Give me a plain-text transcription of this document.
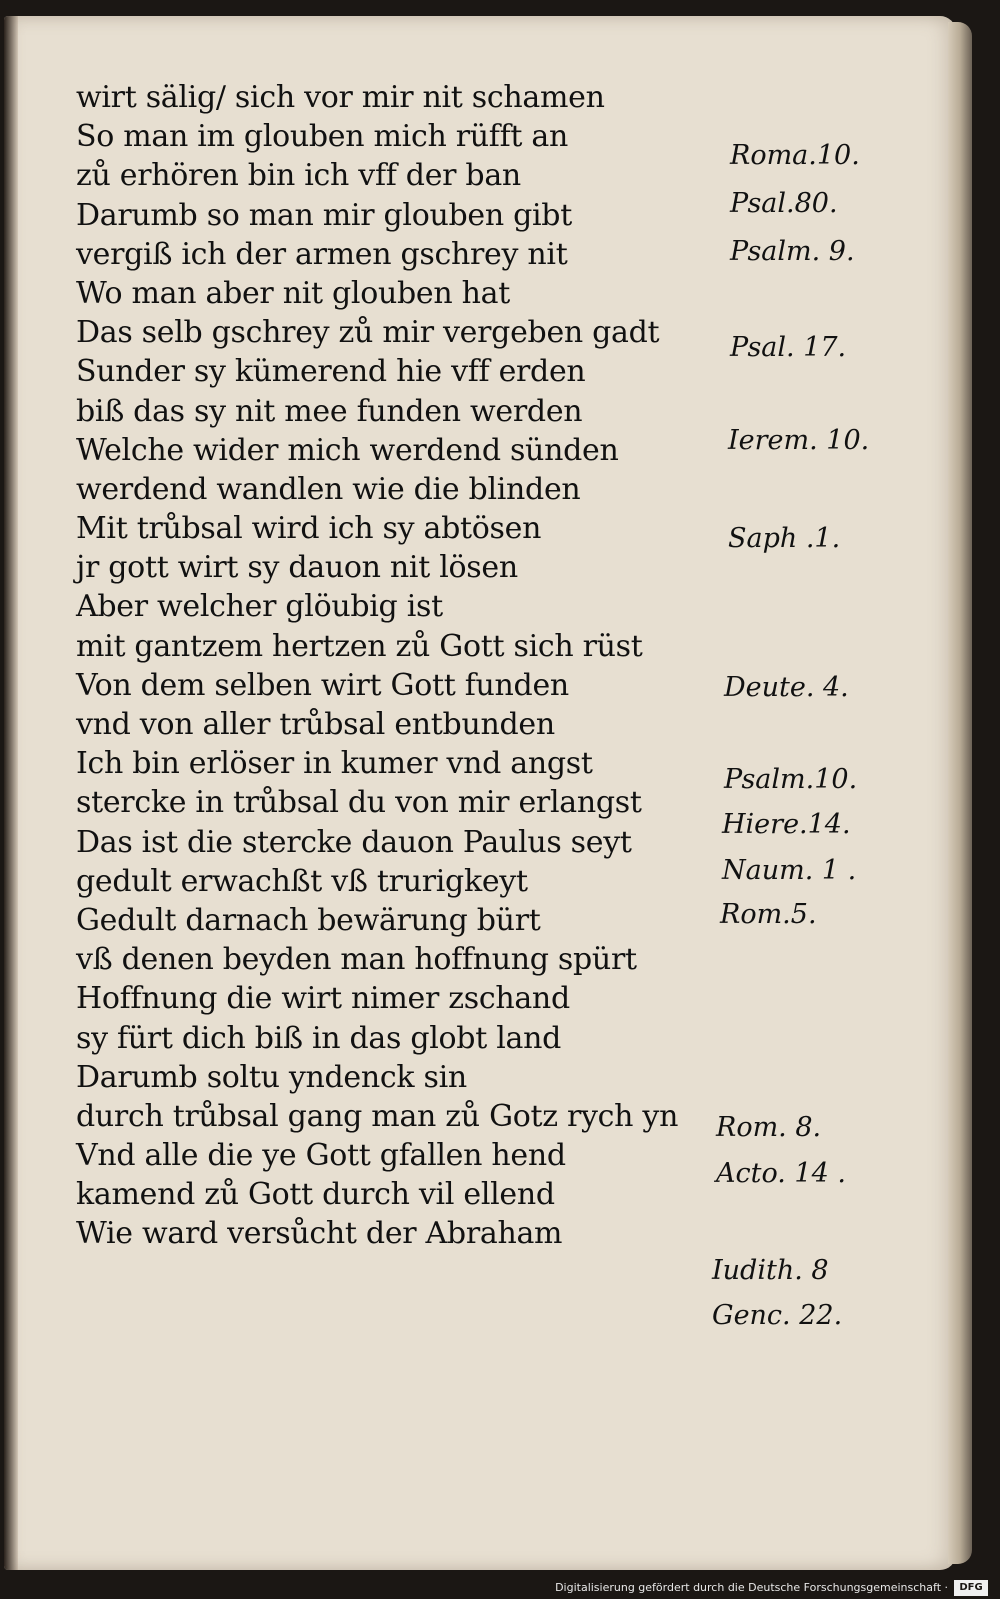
wirt sälig/ sich vor mir nit schamen
So man im glouben mich rüfft an
zů erhören bin ich vff der ban
Darumb so man mir glouben gibt
vergiß ich der armen gschrey nit
Wo man aber nit glouben hat
Das selb gschrey zů mir vergeben gadt
Sunder sy kümerend hie vff erden
biß das sy nit mee funden werden
Welche wider mich werdend sünden
werdend wandlen wie die blinden
Mit trůbsal wird ich sy abtösen
jr gott wirt sy dauon nit lösen
Aber welcher glöubig ist
mit gantzem hertzen zů Gott sich rüst
Von dem selben wirt Gott funden
vnd von aller trůbsal entbunden
Ich bin erlöser in kumer vnd angst
stercke in trůbsal du von mir erlangst
Das ist die stercke dauon Paulus seyt
gedult erwachßt vß trurigkeyt
Gedult darnach bewärung bürt
vß denen beyden man hoffnung spürt
Hoffnung die wirt nimer zschand
sy fürt dich biß in das globt land
Darumb soltu yndenck sin
durch trůbsal gang man zů Gotz rych yn
Vnd alle die ye Gott gfallen hend
kamend zů Gott durch vil ellend
Wie ward versůcht der Abraham
Roma.10.
Psal.80.
Psalm. 9.
Psal. 17.
Ierem. 10.
Saph .1.
Deute. 4.
Psalm.10.
Hiere.14.
Naum. 1 .
Rom.5.
Rom. 8.
Acto. 14 .
Iudith. 8
Genc. 22.
Digitalisierung gefördert durch die Deutsche Forschungsgemeinschaft ·	DFG
